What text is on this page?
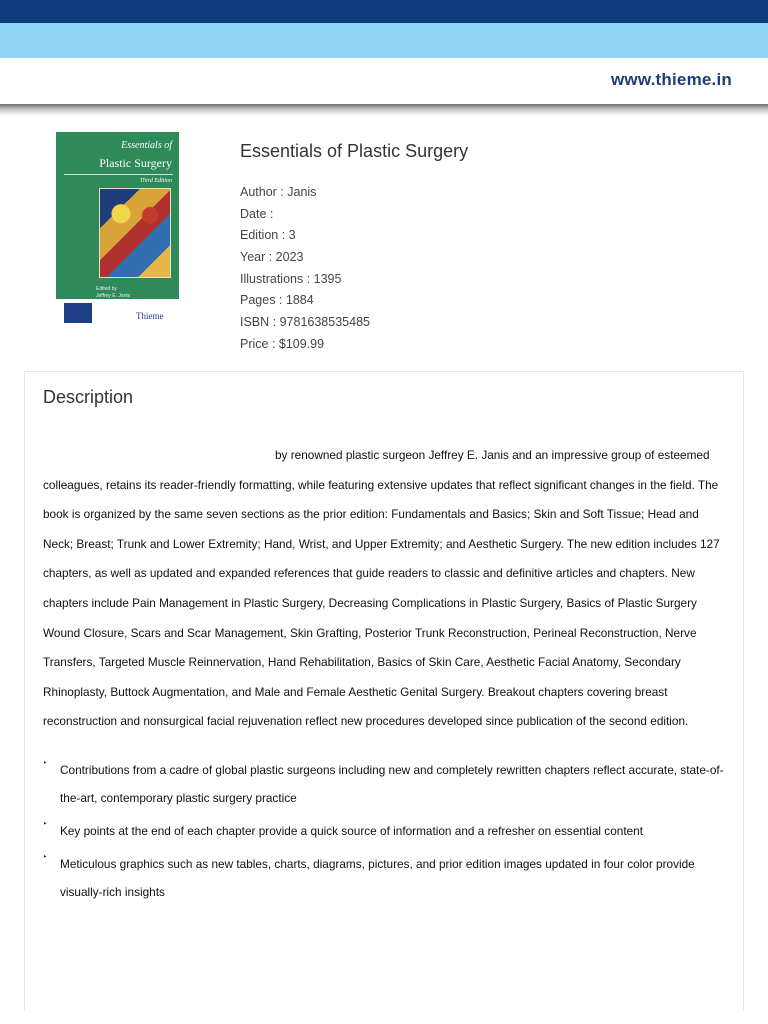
www.thieme.in
Essentials of
Plastic Surgery
Third Edition
Edited by
Jeffrey E. Janis
Thieme
Essentials of Plastic Surgery
Author : Janis
Date :
Edition : 3
Year : 2023
Illustrations : 1395
Pages : 1884
ISBN : 9781638535485
Price : $109.99
Description

by renowned plastic surgeon Jeffrey E. Janis and an impressive group of esteemed colleagues, retains its reader-friendly formatting, while featuring extensive updates that reflect significant changes in the field. The book is organized by the same seven sections as the prior edition: Fundamentals and Basics; Skin and Soft Tissue; Head and Neck; Breast; Trunk and Lower Extremity; Hand, Wrist, and Upper Extremity; and Aesthetic Surgery. The new edition includes 127 chapters, as well as updated and expanded references that guide readers to classic and definitive articles and chapters. New chapters include Pain Management in Plastic Surgery, Decreasing Complications in Plastic Surgery, Basics of Plastic Surgery Wound Closure, Scars and Scar Management, Skin Grafting, Posterior Trunk Reconstruction, Perineal Reconstruction, Nerve Transfers, Targeted Muscle Reinnervation, Hand Rehabilitation, Basics of Skin Care, Aesthetic Facial Anatomy, Secondary Rhinoplasty, Buttock Augmentation, and Male and Female Aesthetic Genital Surgery. Breakout chapters covering breast reconstruction and nonsurgical facial rejuvenation reflect new procedures developed since publication of the second edition.

‣ Contributions from a cadre of global plastic surgeons including new and completely rewritten chapters reflect accurate, state-of-the-art, contemporary plastic surgery practice
‣ Key points at the end of each chapter provide a quick source of information and a refresher on essential content
‣ Meticulous graphics such as new tables, charts, diagrams, pictures, and prior edition images updated in four color provide visually-rich insights
